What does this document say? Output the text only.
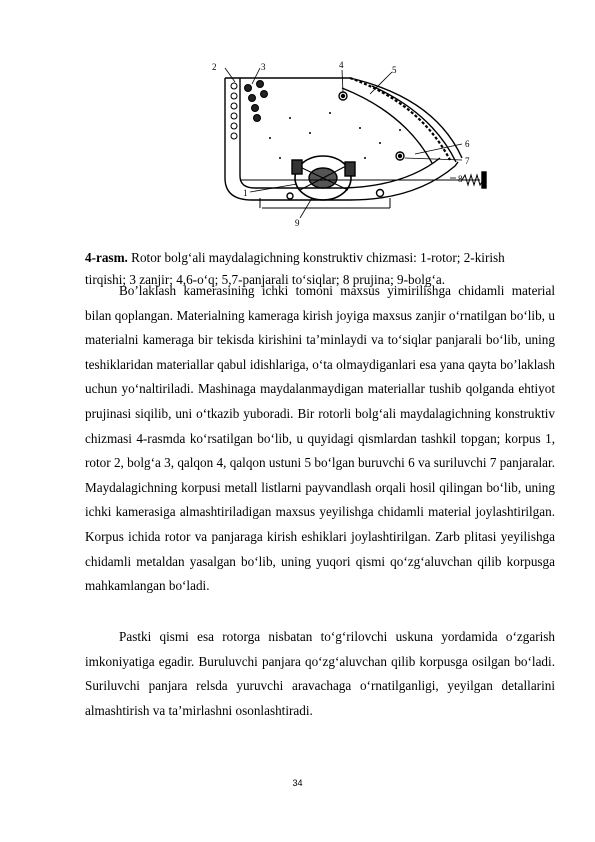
2	3	4	5
6
7
8
1
9

4-rasm. Rotor bolg‘ali maydalagichning konstruktiv chizmasi: 1-rotor; 2-kirish tirqishi; 3 zanjir; 4,6-o‘q; 5,7-panjarali to‘siqlar; 8 prujina; 9-bolg‘a.

Bo’laklash kamerasining ichki tomoni maxsus yimirilishga chidamli material bilan qoplangan. Materialning kameraga kirish joyiga maxsus zanjir o‘rnatilgan bo‘lib, u materialni kameraga bir tekisda kirishini ta’minlaydi va to‘siqlar panjarali bo‘lib, uning teshiklaridan materiallar qabul idishlariga, o‘ta olmaydiganlari esa yana qayta bo’laklash uchun yo‘naltiriladi. Mashinaga maydalanmaydigan materiallar tushib qolganda ehtiyot prujinasi siqilib, uni o‘tkazib yuboradi. Bir rotorli bolg‘ali maydalagichning konstruktiv chizmasi 4-rasmda ko‘rsatilgan bo‘lib, u quyidagi qismlardan tashkil topgan; korpus 1, rotor 2, bolg‘a 3, qalqon 4, qalqon ustuni 5 bo‘lgan buruvchi 6 va suriluvchi 7 panjaralar. Maydalagichning korpusi metall listlarni payvandlash orqali hosil qilingan bo‘lib, uning ichki kamerasiga almashtiriladigan maxsus yeyilishga chidamli material joylashtirilgan. Korpus ichida rotor va panjaraga kirish eshiklari joylashtirilgan. Zarb plitasi yeyilishga chidamli metaldan yasalgan bo‘lib, uning yuqori qismi qo‘zg‘aluvchan qilib korpusga mahkamlangan bo‘ladi.

Pastki qismi esa rotorga nisbatan to‘g‘rilovchi uskuna yordamida o‘zgarish imkoniyatiga egadir. Buruluvchi panjara qo‘zg‘aluvchan qilib korpusga osilgan bo‘ladi. Suriluvchi panjara relsda yuruvchi aravachaga o‘rnatilganligi, yeyilgan detallarini almashtirish va ta’mirlashni osonlashtiradi.

34
